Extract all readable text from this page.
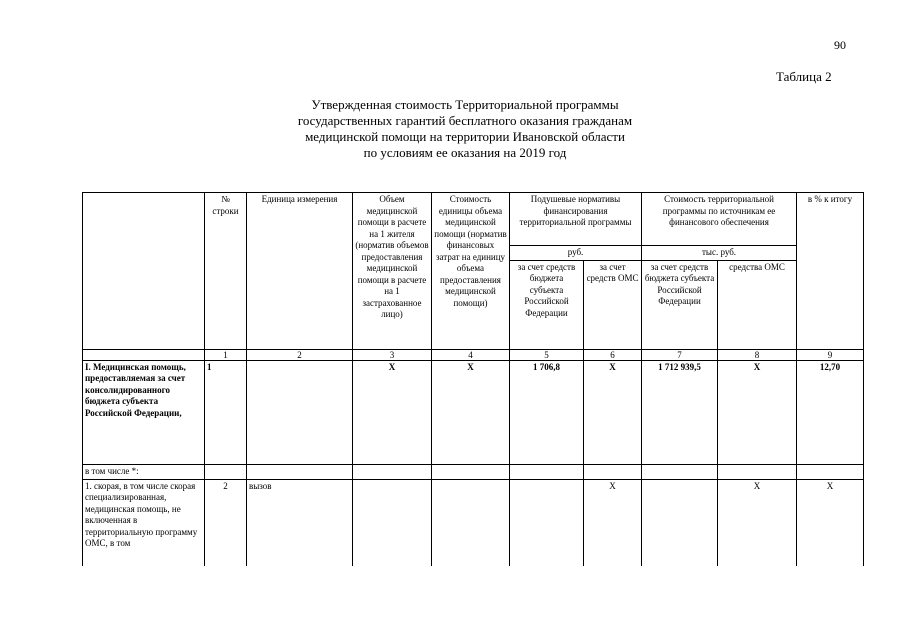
90
Таблица 2
Утвержденная стоимость Территориальной программы
государственных гарантий бесплатного оказания гражданам
медицинской помощи на территории Ивановской области
по условиям ее оказания на 2019 год
	№ строки	Единица измерения	Объем медицинской помощи в расчете на 1 жителя (норматив объемов предоставления медицинской помощи в расчете на 1 застрахованное лицо)	Стоимость единицы объема медицинской помощи (норматив финансовых затрат на единицу объема предоставления медицинской помощи)	Подушевые нормативы финансирования территориальной программы		Стоимость территориальной программы по источникам ее финансового обеспечения		в % к итогу
					руб.		тыс. руб.		
					за счет средств бюджета субъекта Российской Федерации	за счет средств ОМС	за счет средств бюджета субъекта Российской Федерации	средства ОМС	
	1	2	3	4	5	6	7	8	9
I. Медицинская помощь, предоставляемая за счет консолидированного бюджета субъекта Российской Федерации,	1		X	X	1 706,8	X	1 712 939,5	X	12,70
в том числе *:									
1. скорая, в том числе скорая специализированная, медицинская помощь, не включенная в территориальную программу ОМС, в том	2	вызов				X		X	X
